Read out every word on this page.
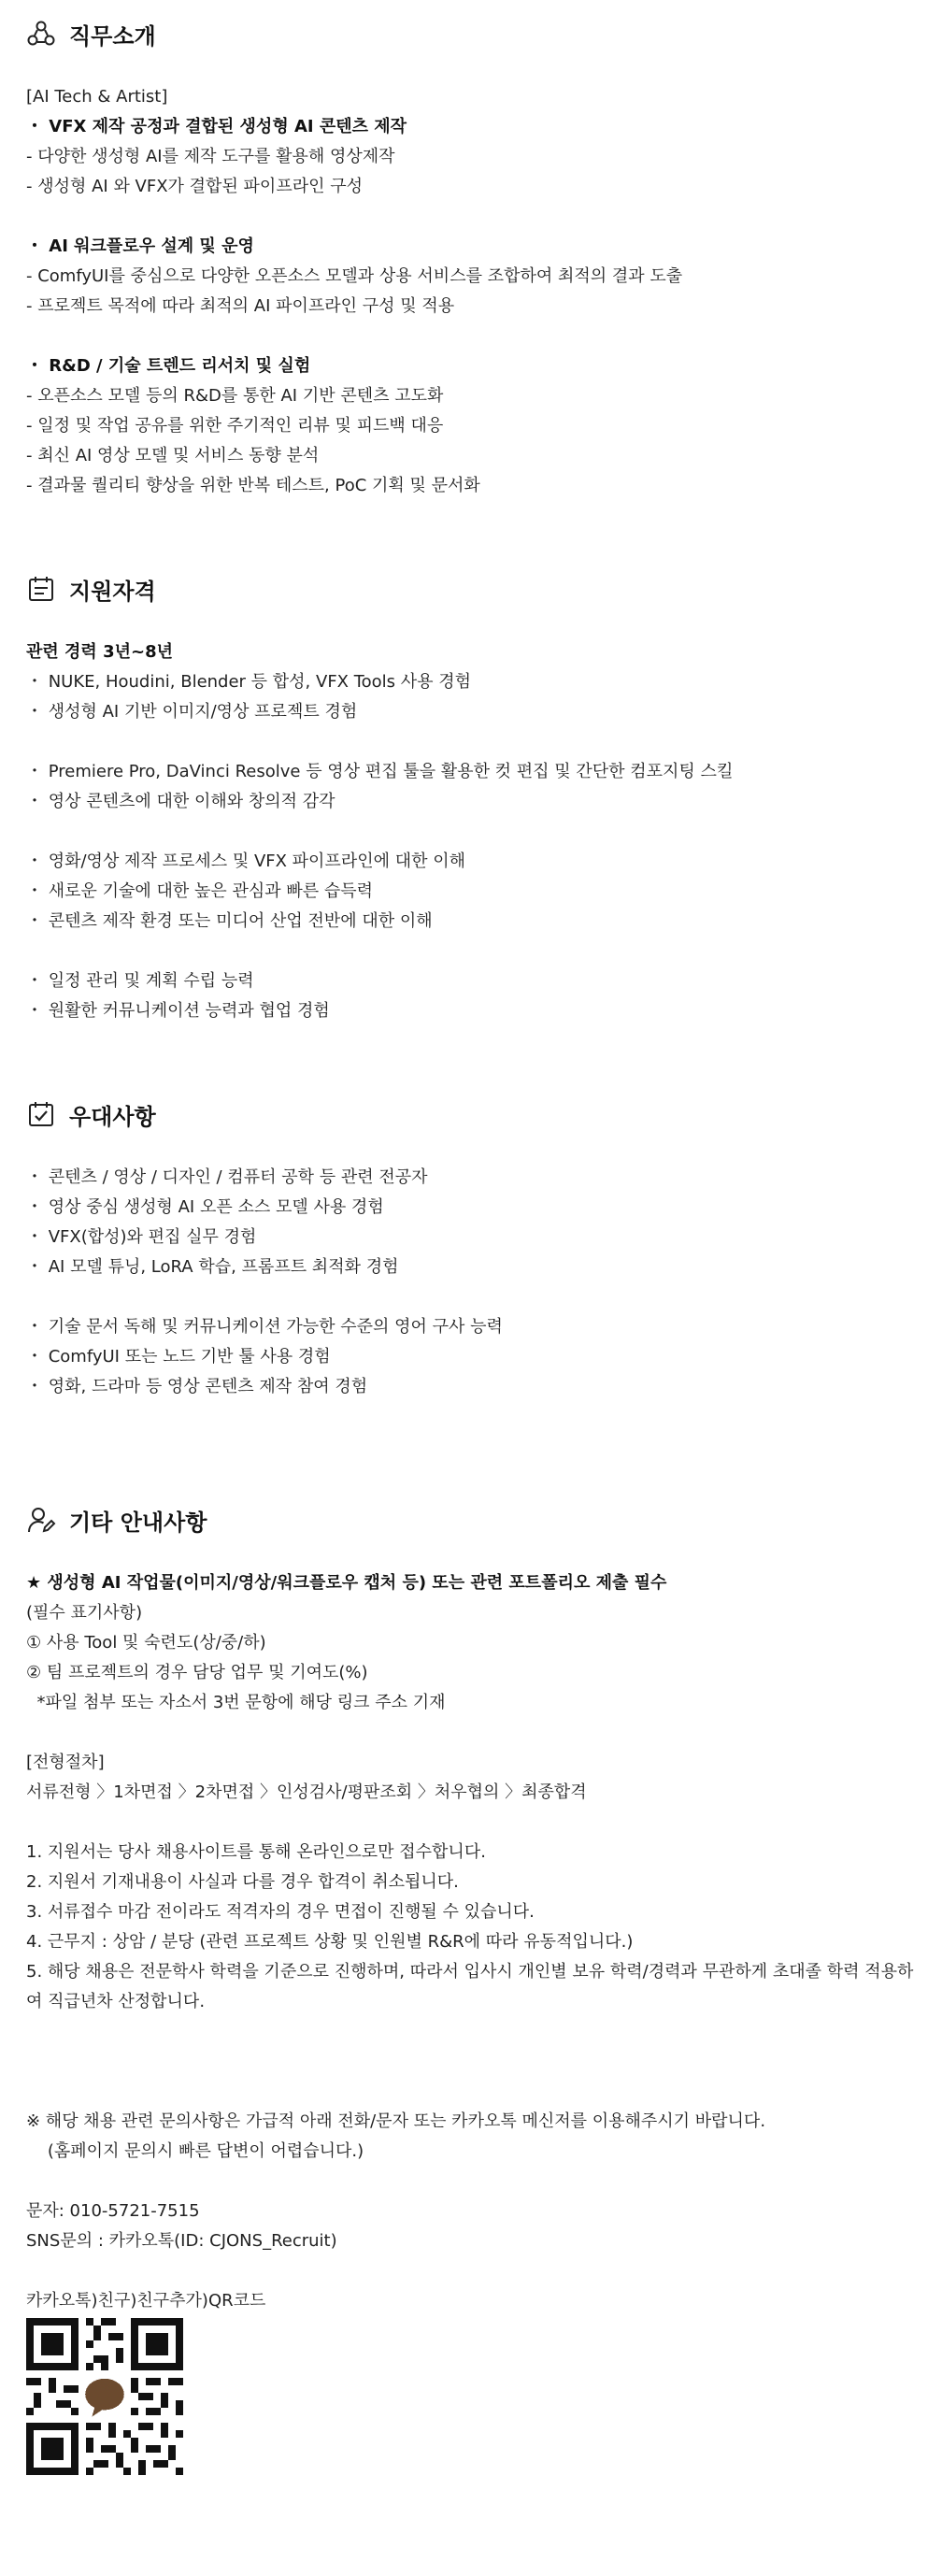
직무소개
[AI Tech & Artist]
・ VFX 제작 공정과 결합된 생성형 AI 콘텐츠 제작
- 다양한 생성형 AI를 제작 도구를 활용해 영상제작
- 생성형 AI 와 VFX가 결합된 파이프라인 구성
・ AI 워크플로우 설계 및 운영
- ComfyUI를 중심으로 다양한 오픈소스 모델과 상용 서비스를 조합하여 최적의 결과 도출
- 프로젝트 목적에 따라 최적의 AI 파이프라인 구성 및 적용
・ R&D / 기술 트렌드 리서치 및 실험
- 오픈소스 모델 등의 R&D를 통한 AI 기반 콘텐츠 고도화
- 일정 및 작업 공유를 위한 주기적인 리뷰 및 피드백 대응
- 최신 AI 영상 모델 및 서비스 동향 분석
- 결과물 퀄리티 향상을 위한 반복 테스트, PoC 기획 및 문서화
지원자격
관련 경력 3년~8년
・ NUKE, Houdini, Blender 등 합성, VFX Tools 사용 경험
・ 생성형 AI 기반 이미지/영상 프로젝트 경험
・ Premiere Pro, DaVinci Resolve 등 영상 편집 툴을 활용한 컷 편집 및 간단한 컴포지팅 스킬
・ 영상 콘텐츠에 대한 이해와 창의적 감각
・ 영화/영상 제작 프로세스 및 VFX 파이프라인에 대한 이해
・ 새로운 기술에 대한 높은 관심과 빠른 습득력
・ 콘텐츠 제작 환경 또는 미디어 산업 전반에 대한 이해
・ 일정 관리 및 계획 수립 능력
・ 원활한 커뮤니케이션 능력과 협업 경험
우대사항
・ 콘텐츠 / 영상 / 디자인 / 컴퓨터 공학 등 관련 전공자
・ 영상 중심 생성형 AI 오픈 소스 모델 사용 경험
・ VFX(합성)와 편집 실무 경험
・ AI 모델 튜닝, LoRA 학습, 프롬프트 최적화 경험
・ 기술 문서 독해 및 커뮤니케이션 가능한 수준의 영어 구사 능력
・ ComfyUI 또는 노드 기반 툴 사용 경험
・ 영화, 드라마 등 영상 콘텐츠 제작 참여 경험
기타 안내사항
★ 생성형 AI 작업물(이미지/영상/워크플로우 캡처 등) 또는 관련 포트폴리오 제출 필수
(필수 표기사항)
① 사용 Tool 및 숙련도(상/중/하)
② 팀 프로젝트의 경우 담당 업무 및 기여도(%)
*파일 첨부 또는 자소서 3번 문항에 해당 링크 주소 기재
[전형절차]
서류전형 〉1차면접 〉2차면접 〉인성검사/평판조회 〉처우협의 〉최종합격
1. 지원서는 당사 채용사이트를 통해 온라인으로만 접수합니다.
2. 지원서 기재내용이 사실과 다를 경우 합격이 취소됩니다.
3. 서류접수 마감 전이라도 적격자의 경우 면접이 진행될 수 있습니다.
4. 근무지 : 상암 / 분당 (관련 프로젝트 상황 및 인원별 R&R에 따라 유동적입니다.)
5. 해당 채용은 전문학사 학력을 기준으로 진행하며, 따라서 입사시 개인별 보유 학력/경력과 무관하게 초대졸 학력 적용하여 직급년차 산정합니다.
※ 해당 채용 관련 문의사항은 가급적 아래 전화/문자 또는 카카오톡 메신저를 이용해주시기 바랍니다.
(홈페이지 문의시 빠른 답변이 어렵습니다.)
문자: 010-5721-7515
SNS문의 : 카카오톡(ID: CJONS_Recruit)
카카오톡)친구)친구추가)QR코드
